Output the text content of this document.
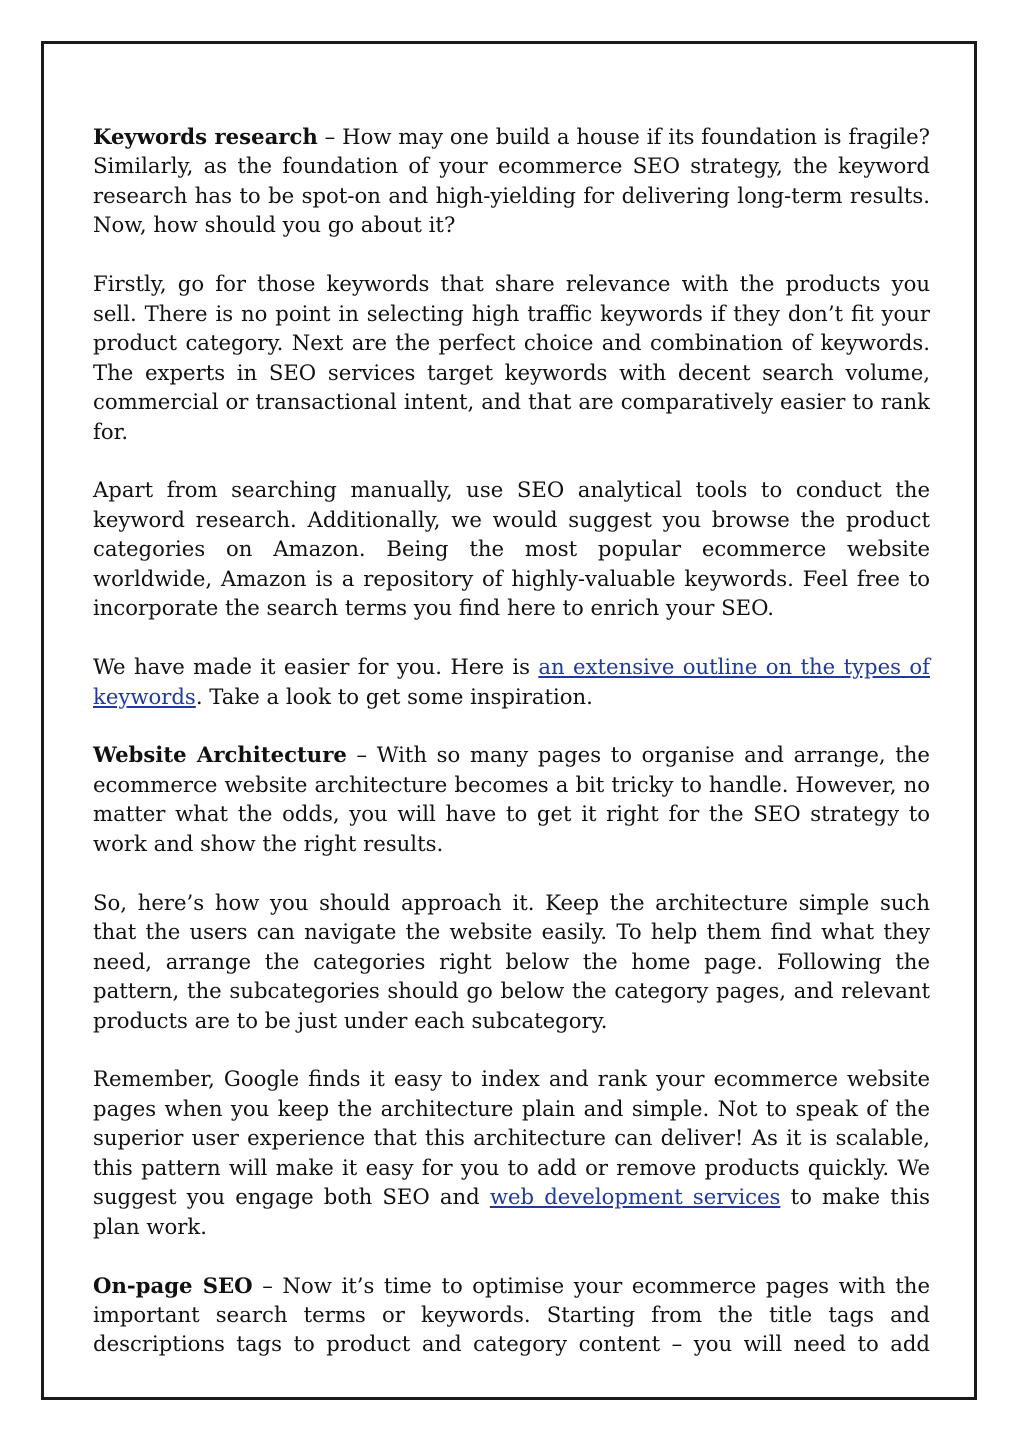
Keywords research – How may one build a house if its foundation is fragile? Similarly, as the foundation of your ecommerce SEO strategy, the keyword research has to be spot-on and high-yielding for delivering long-term results. Now, how should you go about it?

Firstly, go for those keywords that share relevance with the products you sell. There is no point in selecting high traffic keywords if they don’t fit your product category. Next are the perfect choice and combination of keywords. The experts in SEO services target keywords with decent search volume, commercial or transactional intent, and that are comparatively easier to rank for.

Apart from searching manually, use SEO analytical tools to conduct the keyword research. Additionally, we would suggest you browse the product categories on Amazon. Being the most popular ecommerce website worldwide, Amazon is a repository of highly-valuable keywords. Feel free to incorporate the search terms you find here to enrich your SEO.

We have made it easier for you. Here is an extensive outline on the types of keywords. Take a look to get some inspiration.

Website Architecture – With so many pages to organise and arrange, the ecommerce website architecture becomes a bit tricky to handle. However, no matter what the odds, you will have to get it right for the SEO strategy to work and show the right results.

So, here’s how you should approach it. Keep the architecture simple such that the users can navigate the website easily. To help them find what they need, arrange the categories right below the home page. Following the pattern, the subcategories should go below the category pages, and relevant products are to be just under each subcategory.

Remember, Google finds it easy to index and rank your ecommerce website pages when you keep the architecture plain and simple. Not to speak of the superior user experience that this architecture can deliver! As it is scalable, this pattern will make it easy for you to add or remove products quickly. We suggest you engage both SEO and web development services to make this plan work.

On-page SEO – Now it’s time to optimise your ecommerce pages with the important search terms or keywords. Starting from the title tags and descriptions tags to product and category content – you will need to add
